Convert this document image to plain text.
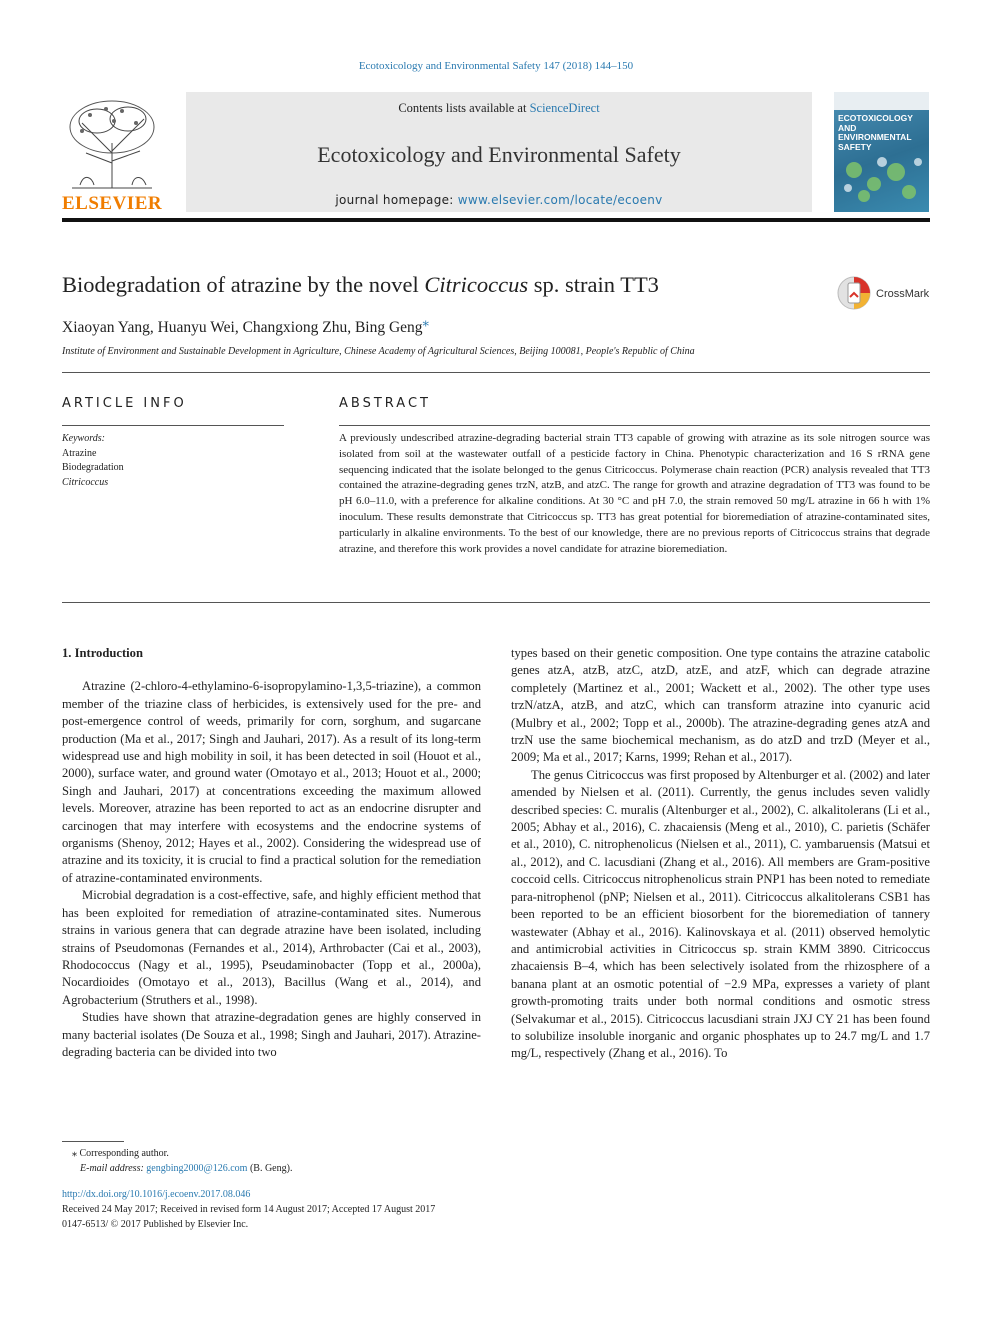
Ecotoxicology and Environmental Safety 147 (2018) 144–150
ELSEVIER
Contents lists available at ScienceDirect
Ecotoxicology and Environmental Safety
journal homepage: www.elsevier.com/locate/ecoenv
ECOTOXICOLOGY AND ENVIRONMENTAL SAFETY
Biodegradation of atrazine by the novel Citricoccus sp. strain TT3	CrossMark
Xiaoyan Yang, Huanyu Wei, Changxiong Zhu, Bing Geng⁎
Institute of Environment and Sustainable Development in Agriculture, Chinese Academy of Agricultural Sciences, Beijing 100081, People's Republic of China
ARTICLE INFO	ABSTRACT
Keywords:
Atrazine
Biodegradation
Citricoccus
A previously undescribed atrazine-degrading bacterial strain TT3 capable of growing with atrazine as its sole nitrogen source was isolated from soil at the wastewater outfall of a pesticide factory in China. Phenotypic characterization and 16 S rRNA gene sequencing indicated that the isolate belonged to the genus Citricoccus. Polymerase chain reaction (PCR) analysis revealed that TT3 contained the atrazine-degrading genes trzN, atzB, and atzC. The range for growth and atrazine degradation of TT3 was found to be pH 6.0–11.0, with a preference for alkaline conditions. At 30 °C and pH 7.0, the strain removed 50 mg/L atrazine in 66 h with 1% inoculum. These results demonstrate that Citricoccus sp. TT3 has great potential for bioremediation of atrazine-contaminated sites, particularly in alkaline environments. To the best of our knowledge, there are no previous reports of Citricoccus strains that degrade atrazine, and therefore this work provides a novel candidate for atrazine bioremediation.

1. Introduction

Atrazine (2-chloro-4-ethylamino-6-isopropylamino-1,3,5-triazine), a common member of the triazine class of herbicides, is extensively used for the pre- and post-emergence control of weeds, primarily for corn, sorghum, and sugarcane production (Ma et al., 2017; Singh and Jauhari, 2017). As a result of its long-term widespread use and high mobility in soil, it has been detected in soil (Houot et al., 2000), surface water, and ground water (Omotayo et al., 2013; Houot et al., 2000; Singh and Jauhari, 2017) at concentrations exceeding the maximum allowed levels. Moreover, atrazine has been reported to act as an endocrine disrupter and carcinogen that may interfere with ecosystems and the endocrine systems of organisms (Shenoy, 2012; Hayes et al., 2002). Considering the widespread use of atrazine and its toxicity, it is crucial to find a practical solution for the remediation of atrazine-contaminated environments.

Microbial degradation is a cost-effective, safe, and highly efficient method that has been exploited for remediation of atrazine-contaminated sites. Numerous strains in various genera that can degrade atrazine have been isolated, including strains of Pseudomonas (Fernandes et al., 2014), Arthrobacter (Cai et al., 2003), Rhodococcus (Nagy et al., 1995), Pseudaminobacter (Topp et al., 2000a), Nocardioides (Omotayo et al., 2013), Bacillus (Wang et al., 2014), and Agrobacterium (Struthers et al., 1998).

Studies have shown that atrazine-degradation genes are highly conserved in many bacterial isolates (De Souza et al., 1998; Singh and Jauhari, 2017). Atrazine-degrading bacteria can be divided into two

types based on their genetic composition. One type contains the atrazine catabolic genes atzA, atzB, atzC, atzD, atzE, and atzF, which can degrade atrazine completely (Martinez et al., 2001; Wackett et al., 2002). The other type uses trzN/atzA, atzB, and atzC, which can transform atrazine into cyanuric acid (Mulbry et al., 2002; Topp et al., 2000b). The atrazine-degrading genes atzA and trzN use the same biochemical mechanism, as do atzD and trzD (Meyer et al., 2009; Ma et al., 2017; Karns, 1999; Rehan et al., 2017).

The genus Citricoccus was first proposed by Altenburger et al. (2002) and later amended by Nielsen et al. (2011). Currently, the genus includes seven validly described species: C. muralis (Altenburger et al., 2002), C. alkalitolerans (Li et al., 2005; Abhay et al., 2016), C. zhacaiensis (Meng et al., 2010), C. parietis (Schäfer et al., 2010), C. nitrophenolicus (Nielsen et al., 2011), C. yambaruensis (Matsui et al., 2012), and C. lacusdiani (Zhang et al., 2016). All members are Gram-positive coccoid cells. Citricoccus nitrophenolicus strain PNP1 has been noted to remediate para-nitrophenol (pNP; Nielsen et al., 2011). Citricoccus alkalitolerans CSB1 has been reported to be an efficient biosorbent for the bioremediation of tannery wastewater (Abhay et al., 2016). Kalinovskaya et al. (2011) observed hemolytic and antimicrobial activities in Citricoccus sp. strain KMM 3890. Citricoccus zhacaiensis B–4, which has been selectively isolated from the rhizosphere of a banana plant at an osmotic potential of −2.9 MPa, expresses a variety of plant growth-promoting traits under both normal conditions and osmotic stress (Selvakumar et al., 2015). Citricoccus lacusdiani strain JXJ CY 21 has been found to solubilize insoluble inorganic and organic phosphates up to 24.7 mg/L and 1.7 mg/L, respectively (Zhang et al., 2016). To

⁎ Corresponding author.
E-mail address: gengbing2000@126.com (B. Geng).
http://dx.doi.org/10.1016/j.ecoenv.2017.08.046
Received 24 May 2017; Received in revised form 14 August 2017; Accepted 17 August 2017
0147-6513/ © 2017 Published by Elsevier Inc.
